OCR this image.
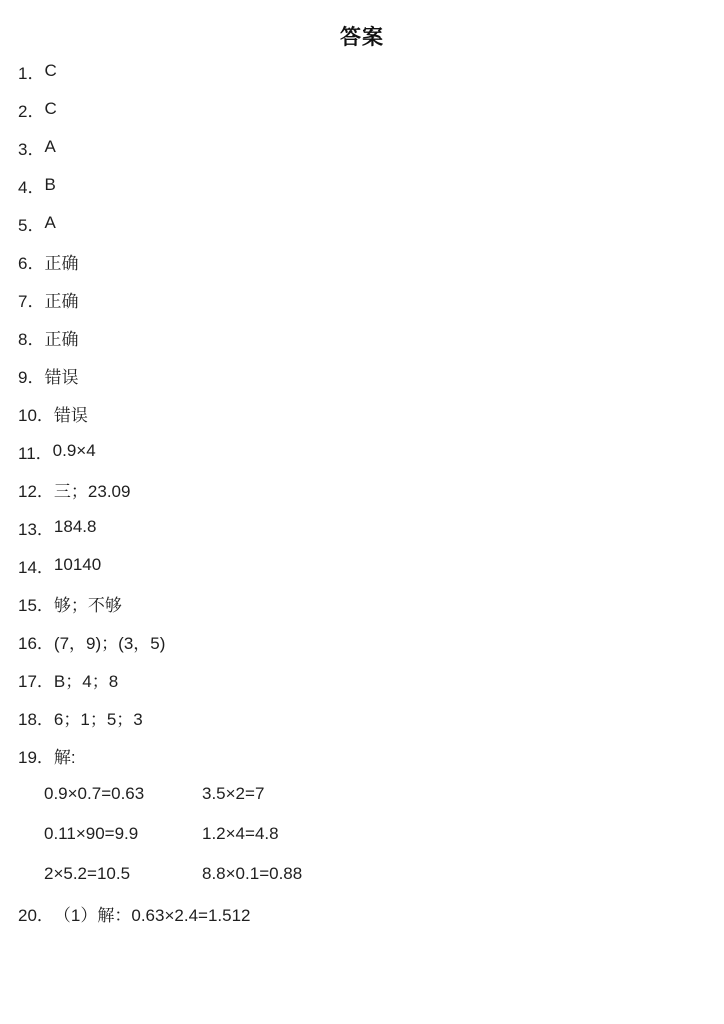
答案
1． C
2． C
3． A
4． B
5． A
6． 正确
7． 正确
8． 正确
9． 错误
10． 错误
11． 0.9×4
12． 三；23.09
13． 184.8
14． 10140
15． 够；不够
16． (7，9)；(3，5)
17． B；4；8
18． 6；1；5；3
19． 解:
0.9×0.7=0.63	3.5×2=7
0.11×90=9.9	1.2×4=4.8
2×5.2=10.5	8.8×0.1=0.88
20． （1）解：0.63×2.4=1.512
